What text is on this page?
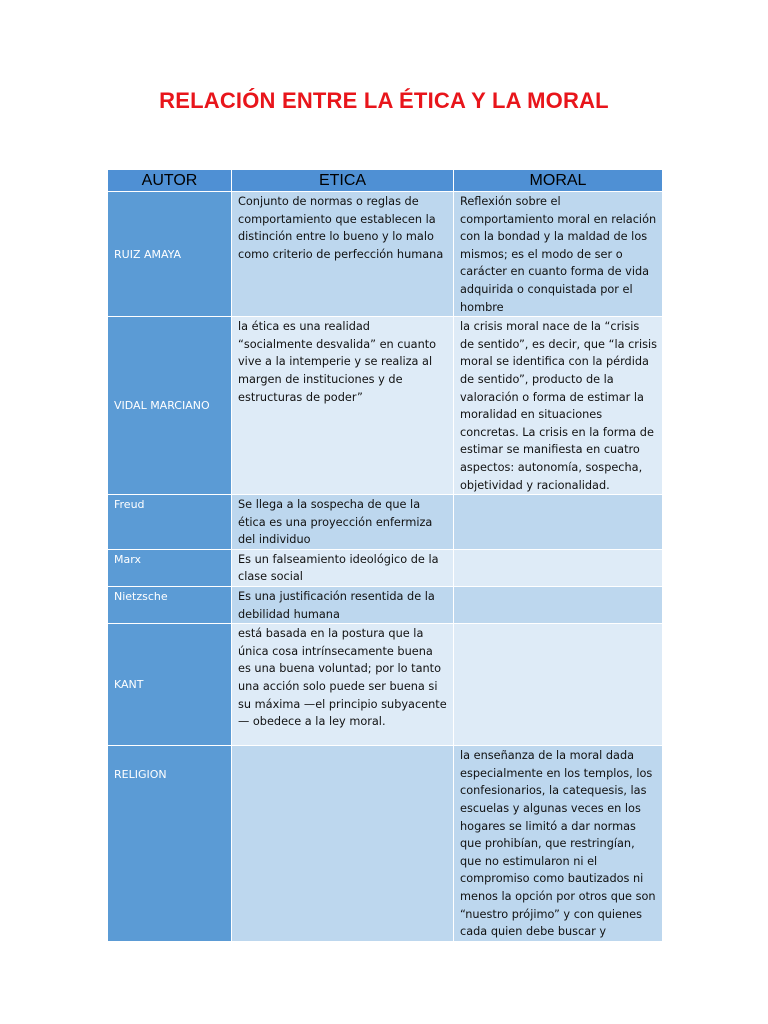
RELACIÓN ENTRE LA ÉTICA Y LA MORAL
AUTOR	ETICA	MORAL
RUIZ AMAYA	Conjunto de normas o reglas de comportamiento que establecen la distinción entre lo bueno y lo malo como criterio de perfección humana	Reflexión sobre el comportamiento moral en relación con la bondad y la maldad de los mismos; es el modo de ser o carácter en cuanto forma de vida adquirida o conquistada por el hombre
VIDAL MARCIANO	la ética es una realidad “socialmente desvalida” en cuanto vive a la intemperie y se realiza al margen de instituciones y de estructuras de poder”	la crisis moral nace de la “crisis de sentido”, es decir, que “la crisis moral se identifica con la pérdida de sentido”, producto de la valoración o forma de estimar la moralidad en situaciones concretas. La crisis en la forma de estimar se manifiesta en cuatro aspectos: autonomía, sospecha, objetividad y racionalidad.
Freud	Se llega a la sospecha de que la ética es una proyección enfermiza del individuo	
Marx	Es un falseamiento ideológico de la clase social	
Nietzsche	Es una justificación resentida de la debilidad humana	
KANT	está basada en la postura que la única cosa intrínsecamente buena es una buena voluntad; por lo tanto una acción solo puede ser buena si su máxima —el principio subyacente— obedece a la ley moral.	
RELIGION		la enseñanza de la moral dada especialmente en los templos, los confesionarios, la catequesis, las escuelas y algunas veces en los hogares se limitó a dar normas que prohibían, que restringían, que no estimularon ni el compromiso como bautizados ni menos la opción por otros que son “nuestro prójimo” y con quienes cada quien debe buscar y
